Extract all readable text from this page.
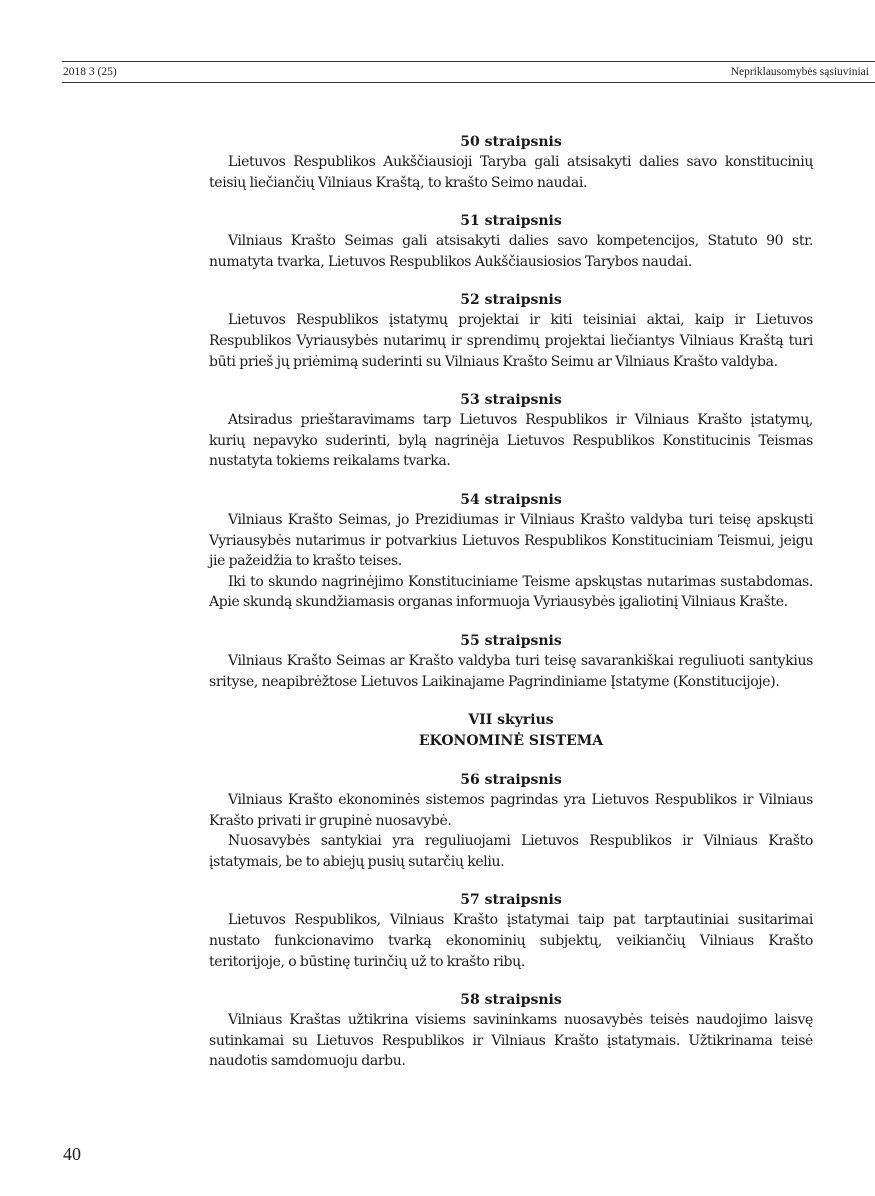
2018 3 (25)	Nepriklausomybės sąsiuviniai
50 straipsnis

Lietuvos Respublikos Aukščiausioji Taryba gali atsisakyti dalies savo konstitucinių teisių liečiančių Vilniaus Kraštą, to krašto Seimo naudai.

51 straipsnis

Vilniaus Krašto Seimas gali atsisakyti dalies savo kompetencijos, Statuto 90 str. numatyta tvarka, Lietuvos Respublikos Aukščiausiosios Tarybos naudai.

52 straipsnis

Lietuvos Respublikos įstatymų projektai ir kiti teisiniai aktai, kaip ir Lietuvos Respublikos Vyriausybės nutarimų ir sprendimų projektai liečiantys Vilniaus Kraštą turi būti prieš jų priėmimą suderinti su Vilniaus Krašto Seimu ar Vilniaus Krašto valdyba.

53 straipsnis

Atsiradus prieštaravimams tarp Lietuvos Respublikos ir Vilniaus Krašto įstatymų, kurių nepavyko suderinti, bylą nagrinėja Lietuvos Respublikos Konstitucinis Teismas nustatyta tokiems reikalams tvarka.

54 straipsnis

Vilniaus Krašto Seimas, jo Prezidiumas ir Vilniaus Krašto valdyba turi teisę apskųsti Vyriausybės nutarimus ir potvarkius Lietuvos Respublikos Konstituciniam Teismui, jeigu jie pažeidžia to krašto teises.

Iki to skundo nagrinėjimo Konstituciniame Teisme apskųstas nutarimas sustabdomas. Apie skundą skundžiamasis organas informuoja Vyriausybės įgaliotinį Vilniaus Krašte.

55 straipsnis

Vilniaus Krašto Seimas ar Krašto valdyba turi teisę savarankiškai reguliuoti santykius srityse, neapibrėžtose Lietuvos Laikinajame Pagrindiniame Įstatyme (Konstitucijoje).

VII skyrius
EKONOMINĖ SISTEMA
56 straipsnis

Vilniaus Krašto ekonominės sistemos pagrindas yra Lietuvos Respublikos ir Vilniaus Krašto privati ir grupinė nuosavybė.

Nuosavybės santykiai yra reguliuojami Lietuvos Respublikos ir Vilniaus Krašto įstatymais, be to abiejų pusių sutarčių keliu.

57 straipsnis

Lietuvos Respublikos, Vilniaus Krašto įstatymai taip pat tarptautiniai susitarimai nustato funkcionavimo tvarką ekonominių subjektų, veikiančių Vilniaus Krašto teritorijoje, o būstinę turinčių už to krašto ribų.

58 straipsnis

Vilniaus Kraštas užtikrina visiems savininkams nuosavybės teisės naudojimo laisvę sutinkamai su Lietuvos Respublikos ir Vilniaus Krašto įstatymais. Užtikrinama teisė naudotis samdomuoju darbu.

40
